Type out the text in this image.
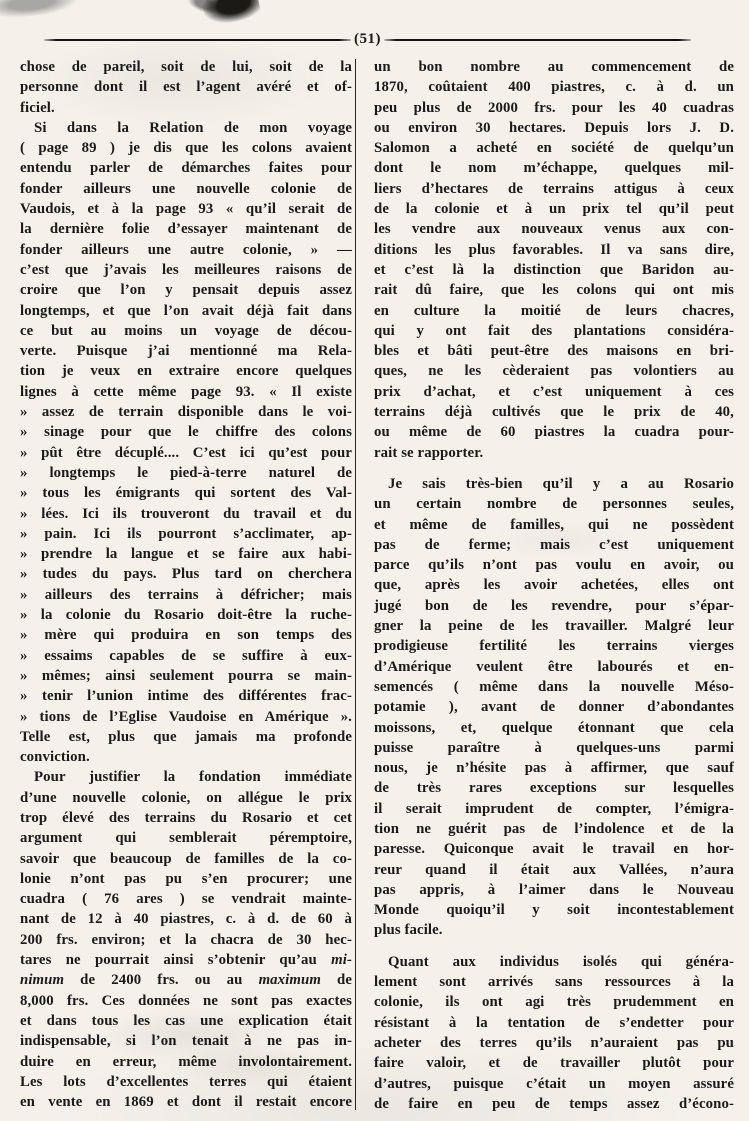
(51)
chose de pareil, soit de lui, soit de la
personne dont il est l’agent avéré et of-
ficiel.
Si dans la Relation de mon voyage
( page 89 ) je dis que les colons avaient
entendu parler de démarches faites pour
fonder ailleurs une nouvelle colonie de
Vaudois, et à la page 93 « qu’il serait de
la dernière folie d’essayer maintenant de
fonder ailleurs une autre colonie, » —
c’est que j’avais les meilleures raisons de
croire que l’on y pensait depuis assez
longtemps, et que l’on avait déjà fait dans
ce but au moins un voyage de décou-
verte. Puisque j’ai mentionné ma Rela-
tion je veux en extraire encore quelques
lignes à cette même page 93. « Il existe
» assez de terrain disponible dans le voi-
» sinage pour que le chiffre des colons
» pût être décuplé.... C’est ici qu’est pour
» longtemps le pied-à-terre naturel de
» tous les émigrants qui sortent des Val-
» lées. Ici ils trouveront du travail et du
» pain. Ici ils pourront s’acclimater, ap-
» prendre la langue et se faire aux habi-
» tudes du pays. Plus tard on cherchera
» ailleurs des terrains à défricher; mais
» la colonie du Rosario doit-être la ruche-
» mère qui produira en son temps des
» essaims capables de se suffire à eux-
» mêmes; ainsi seulement pourra se main-
» tenir l’union intime des différentes frac-
» tions de l’Eglise Vaudoise en Amérique ».
Telle est, plus que jamais ma profonde
conviction.
Pour justifier la fondation immédiate
d’une nouvelle colonie, on allégue le prix
trop élevé des terrains du Rosario et cet
argument qui semblerait péremptoire,
savoir que beaucoup de familles de la co-
lonie n’ont pas pu s’en procurer; une
cuadra ( 76 ares ) se vendrait mainte-
nant de 12 à 40 piastres, c. à d. de 60 à
200 frs. environ; et la chacra de 30 hec-
tares ne pourrait ainsi s’obtenir qu’au mi-
nimum de 2400 frs. ou au maximum de
8,000 frs. Ces données ne sont pas exactes
et dans tous les cas une explication était
indispensable, si l’on tenait à ne pas in-
duire en erreur, même involontairement.
Les lots d’excellentes terres qui étaient
en vente en 1869 et dont il restait encore
un bon nombre au commencement de
1870, coûtaient 400 piastres, c. à d. un
peu plus de 2000 frs. pour les 40 cuadras
ou environ 30 hectares. Depuis lors J. D.
Salomon a acheté en société de quelqu’un
dont le nom m’échappe, quelques mil-
liers d’hectares de terrains attigus à ceux
de la colonie et à un prix tel qu’il peut
les vendre aux nouveaux venus aux con-
ditions les plus favorables. Il va sans dire,
et c’est là la distinction que Baridon au-
rait dû faire, que les colons qui ont mis
en culture la moitié de leurs chacres,
qui y ont fait des plantations considéra-
bles et bâti peut-être des maisons en bri-
ques, ne les cèderaient pas volontiers au
prix d’achat, et c’est uniquement à ces
terrains déjà cultivés que le prix de 40,
ou même de 60 piastres la cuadra pour-
rait se rapporter.
Je sais très-bien qu’il y a au Rosario
un certain nombre de personnes seules,
et même de familles, qui ne possèdent
pas de ferme; mais c’est uniquement
parce qu’ils n’ont pas voulu en avoir, ou
que, après les avoir achetées, elles ont
jugé bon de les revendre, pour s’épar-
gner la peine de les travailler. Malgré leur
prodigieuse fertilité les terrains vierges
d’Amérique veulent être labourés et en-
semencés ( même dans la nouvelle Méso-
potamie ), avant de donner d’abondantes
moissons, et, quelque étonnant que cela
puisse paraître à quelques-uns parmi
nous, je n’hésite pas à affirmer, que sauf
de très rares exceptions sur lesquelles
il serait imprudent de compter, l’émigra-
tion ne guérit pas de l’indolence et de la
paresse. Quiconque avait le travail en hor-
reur quand il était aux Vallées, n’aura
pas appris, à l’aimer dans le Nouveau
Monde quoiqu’il y soit incontestablement
plus facile.
Quant aux individus isolés qui généra-
lement sont arrivés sans ressources à la
colonie, ils ont agi très prudemment en
résistant à la tentation de s’endetter pour
acheter des terres qu’ils n’auraient pas pu
faire valoir, et de travailler plutôt pour
d’autres, puisque c’était un moyen assuré
de faire en peu de temps assez d’écono-
